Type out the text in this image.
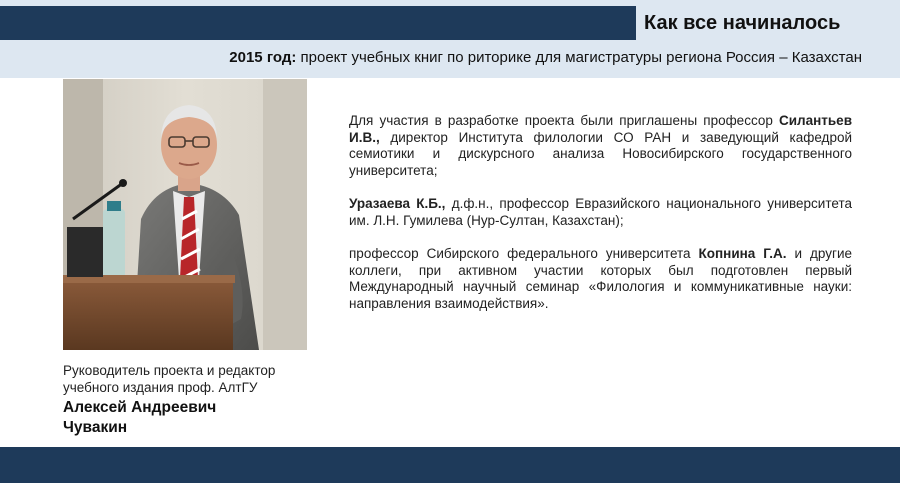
Как все начиналось
2015 год: проект учебных книг по риторике для магистратуры региона Россия – Казахстан
Руководитель проекта и редактор учебного издания проф. АлтГУ
Алексей Андреевич
Чувакин

Для участия в разработке проекта были приглашены профессор Силантьев И.В., директор Института филологии СО РАН и заведующий кафедрой семиотики и дискурсного анализа Новосибирского государственного университета;

Уразаева К.Б., д.ф.н., профессор Евразийского национального университета им. Л.Н. Гумилева (Нур-Султан, Казахстан);

профессор Сибирского федерального университета Копнина Г.А. и другие коллеги, при активном участии которых был подготовлен первый Международный научный семинар «Филология и коммуникативные науки: направления взаимодействия».
